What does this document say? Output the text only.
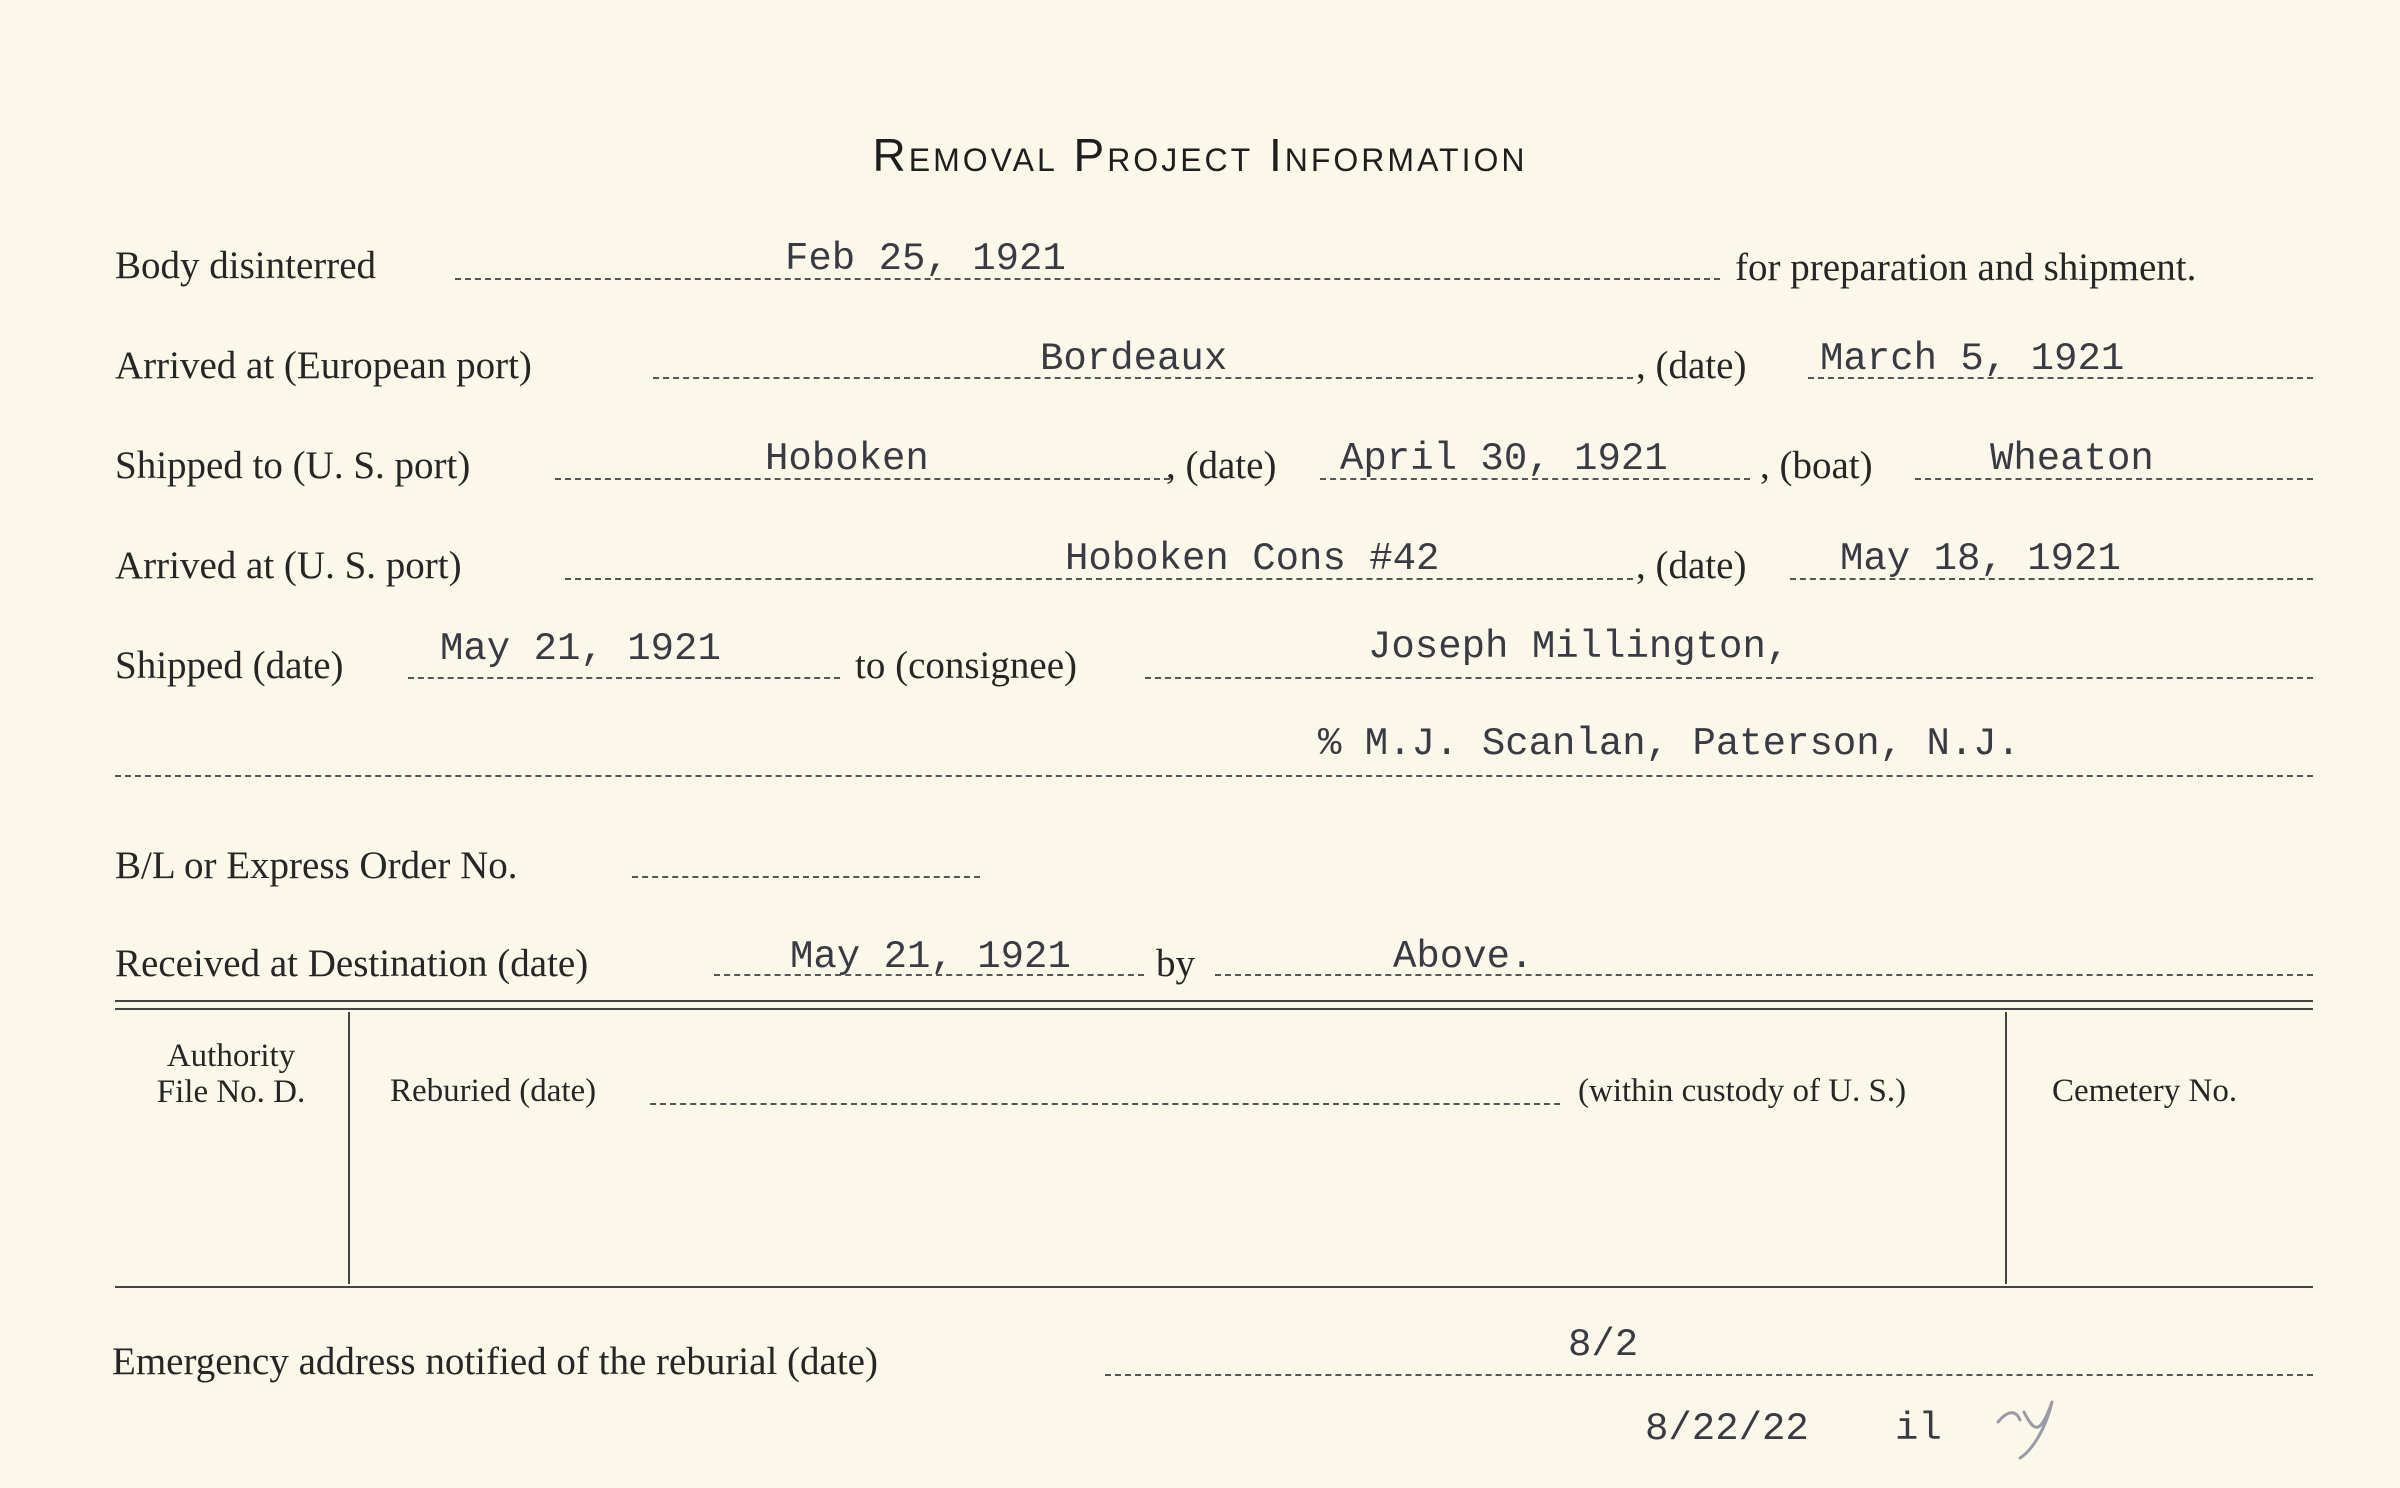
Removal Project Information
Body disinterred	Feb 25, 1921	for preparation and shipment.
Arrived at (European port)	Bordeaux	, (date) March 5, 1921
Shipped to (U. S. port)	Hoboken	, (date) April 30, 1921 , (boat)	Wheaton
Arrived at (U. S. port)	Hoboken Cons #42	, (date) May 18, 1921
Shipped (date) May 21, 1921	to (consignee)	Joseph Millington,
% M.J. Scanlan, Paterson, N.J.
B/L or Express Order No.
Received at Destination (date)	May 21, 1921 by	Above.
Authority
File No. D.	Reburied (date)	(within custody of U. S.)	Cemetery No.
Emergency address notified of the reburial (date)	8/2
8/22/22 il
